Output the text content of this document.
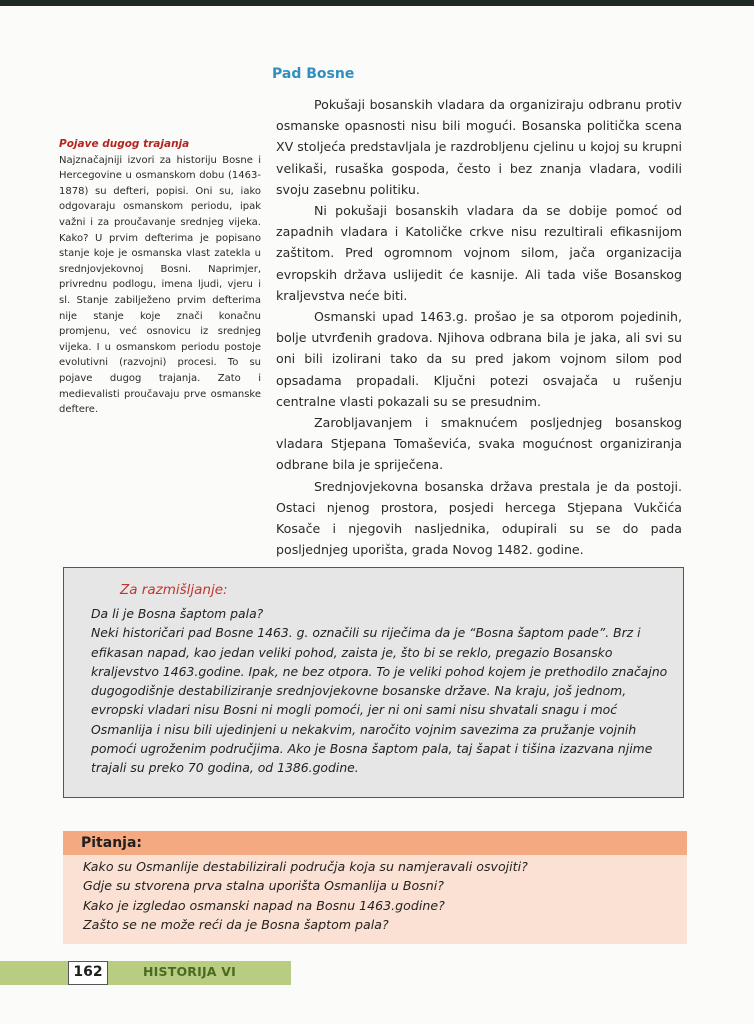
Pad Bosne

Pojave dugog trajanja

Najznačajniji izvori za historiju Bosne i Hercegovine u osmanskom dobu (1463-1878) su defteri, popisi. Oni su, iako odgovaraju osmanskom periodu, ipak važni i za proučavanje srednjeg vijeka. Kako? U prvim defterima je popisano stanje koje je osmanska vlast zatekla u srednjovjekovnoj Bosni. Naprimjer, privrednu podlogu, imena ljudi, vjeru i sl. Stanje zabilježeno prvim defterima nije stanje koje znači konačnu promjenu, već osnovicu iz srednjeg vijeka. I u osmanskom periodu postoje evolutivni (razvojni) procesi. To su pojave dugog trajanja. Zato i medievalisti proučavaju prve osmanske deftere.

Pokušaji bosanskih vladara da organiziraju odbranu protiv osmanske opasnosti nisu bili mogući. Bosanska politička scena XV stoljeća predstavljala je razdrobljenu cjelinu u kojoj su krupni velikaši, rusaška gospoda, često i bez znanja vladara, vodili svoju zasebnu politiku.

Ni pokušaji bosanskih vladara da se dobije pomoć od zapadnih vladara i Katoličke crkve nisu rezultirali efikasnijom zaštitom. Pred ogromnom vojnom silom, jača organizacija evropskih država uslijedit će kasnije. Ali tada više Bosanskog kraljevstva neće biti.

Osmanski upad 1463.g. prošao je sa otporom pojedinih, bolje utvrđenih gradova. Njihova odbrana bila je jaka, ali svi su oni bili izolirani tako da su pred jakom vojnom silom pod opsadama propadali. Ključni potezi osvajača u rušenju centralne vlasti pokazali su se presudnim.

Zarobljavanjem i smaknućem posljednjeg bosanskog vladara Stjepana Tomaševića, svaka mogućnost organiziranja odbrane bila je spriječena.

Srednjovjekovna bosanska država prestala je da postoji. Ostaci njenog prostora, posjedi hercega Stjepana Vukčića Kosače i njegovih nasljednika, odupirali su se do pada posljednjeg uporišta, grada Novog 1482. godine.

Za razmišljanje:

Da li je Bosna šaptom pala?

Neki historičari pad Bosne 1463. g. označili su riječima da je “Bosna šaptom pade”. Brz i efikasan napad, kao jedan veliki pohod, zaista je, što bi se reklo, pregazio Bosansko kraljevstvo 1463.godine. Ipak, ne bez otpora. To je veliki pohod kojem je prethodilo značajno dugogodišnje destabiliziranje srednjovjekovne bosanske države. Na kraju, još jednom, evropski vladari nisu Bosni ni mogli pomoći, jer ni oni sami nisu shvatali snagu i moć Osmanlija i nisu bili ujedinjeni u nekakvim, naročito vojnim savezima za pružanje vojnih pomoći ugroženim područjima. Ako je Bosna šaptom pala, taj šapat i tišina izazvana njime trajali su preko 70 godina, od 1386.godine.

Pitanja:
Kako su Osmanlije destabilizirali područja koja su namjeravali osvojiti?
Gdje su stvorena prva stalna uporišta Osmanlija u Bosni?
Kako je izgledao osmanski napad na Bosnu 1463.godine?
Zašto se ne može reći da je Bosna šaptom pala?
162	HISTORIJA VI
